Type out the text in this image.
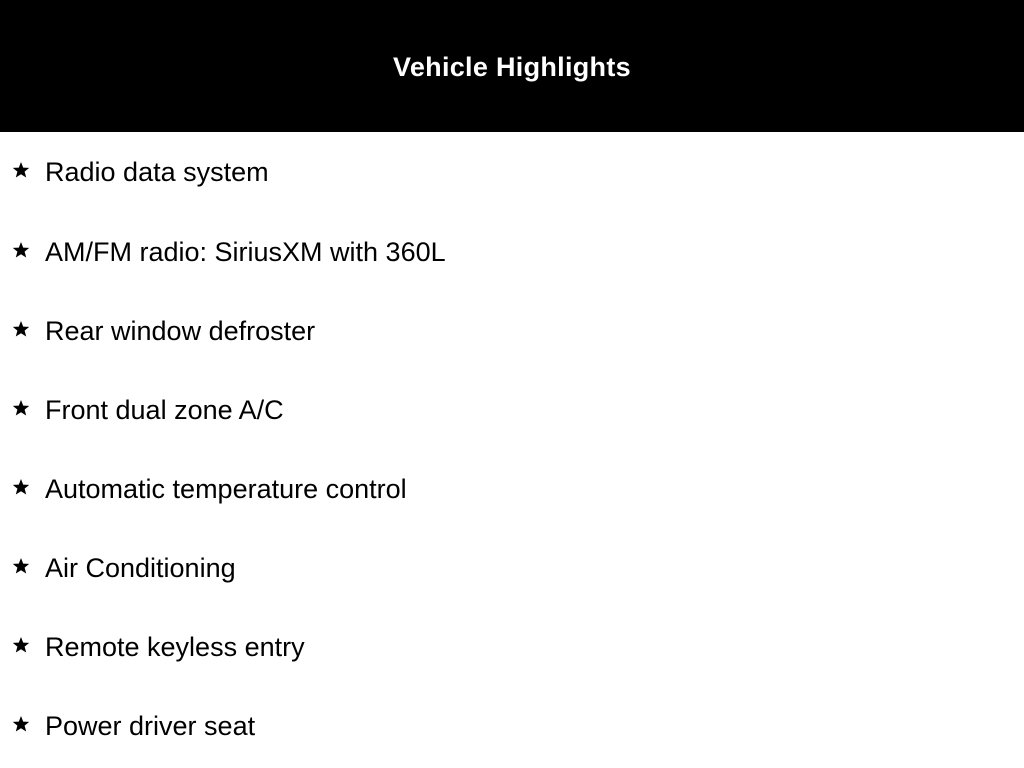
Vehicle Highlights
Radio data system
AM/FM radio: SiriusXM with 360L
Rear window defroster
Front dual zone A/C
Automatic temperature control
Air Conditioning
Remote keyless entry
Power driver seat
